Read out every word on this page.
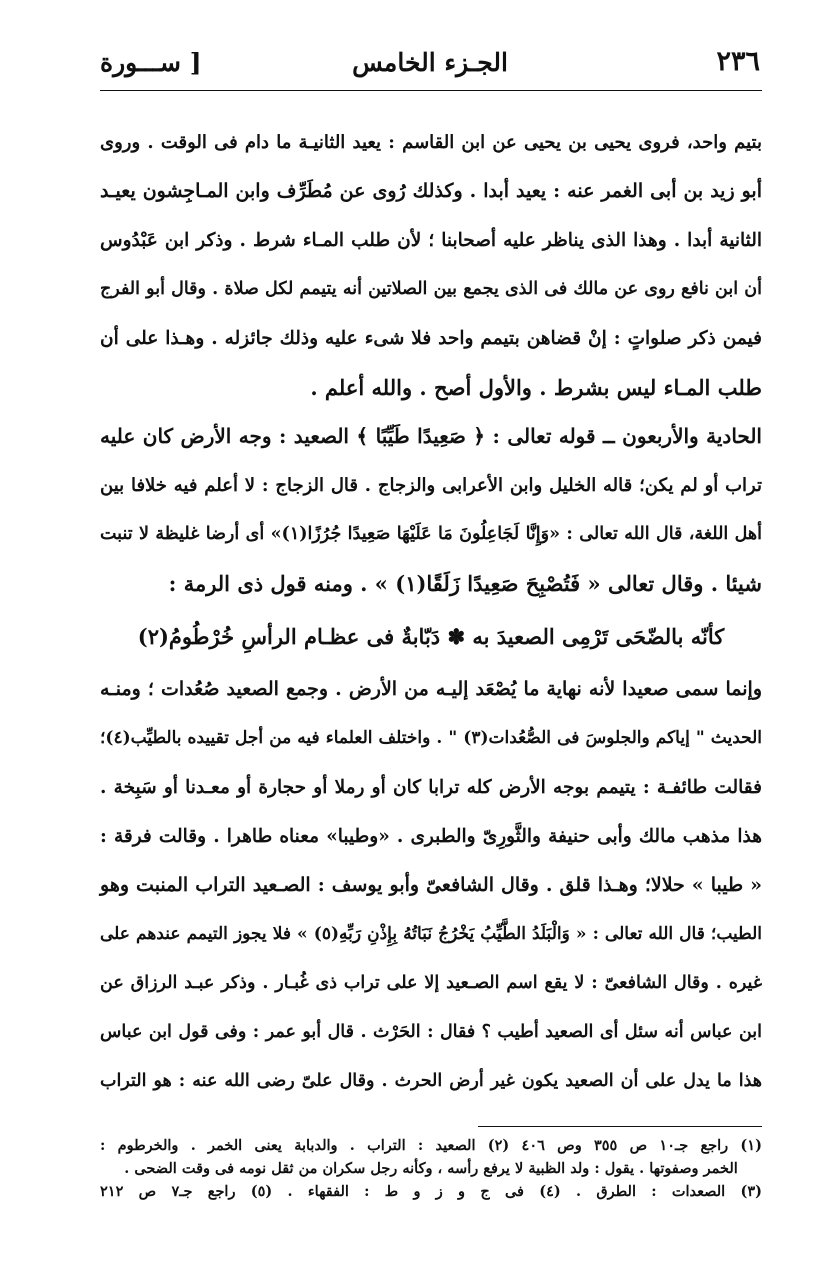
٢٣٦
الجـزء الخامس
[ ســـورة
بتيم واحد، فروى يحيى بن يحيى عن ابن القاسم : يعيد الثانيـة ما دام فى الوقت . وروى
أبو زيد بن أبى الغمر عنه : يعيد أبدا . وكذلك رُوى عن مُطَرِّف وابن المـاجِشون يعيـد
الثانية أبدا . وهذا الذى يناظر عليه أصحابنا ؛ لأن طلب المـاء شرط . وذكر ابن عَبْدُوس
أن ابن نافع روى عن مالك فى الذى يجمع بين الصلاتين أنه يتيمم لكل صلاة . وقال أبو الفرج
فيمن ذكر صلواتٍ : إنْ قضاهن بتيمم واحد فلا شىء عليه وذلك جائزله . وهـذا على أن
طلب المـاء ليس بشرط . والأول أصح . والله أعلم .
الحادية والأربعون ــ قوله تعالى : ﴿ صَعِيدًا طَيِّبًا ﴾ الصعيد : وجه الأرض كان عليه
تراب أو لم يكن؛ قاله الخليل وابن الأعرابى والزجاج . قال الزجاج : لا أعلم فيه خلافا بين
أهل اللغة، قال الله تعالى : «وَإِنَّا لَجَاعِلُونَ مَا عَلَيْهَا صَعِيدًا جُرُزًا(١)» أى أرضا غليظة لا تنبت
شيئا . وقال تعالى « فَتُصْبِحَ صَعِيدًا زَلَقًا(١) » . ومنه قول ذى الرمة :
كأنّه بالضّحَى تَرْمِى الصعيدَ به ✽ دَبّابةٌ فى عظـام الرأسِ خُرْطُومُ(٢)
وإنما سمى صعيدا لأنه نهاية ما يُصْعَد إليـه من الأرض . وجمع الصعيد صُعُدات ؛ ومنـه
الحديث " إياكم والجلوسَ فى الصُّعُدات(٣) " . واختلف العلماء فيه من أجل تقييده بالطيِّب(٤)؛
فقالت طائفـة : يتيمم بوجه الأرض كله ترابا كان أو رملا أو حجارة أو معـدنا أو سَبِخة .
هذا مذهب مالك وأبى حنيفة والثَّورِىّ والطبرى . «وطيبا» معناه طاهرا . وقالت فرقة :
« طيبا » حلالا؛ وهـذا قلق . وقال الشافعىّ وأبو يوسف : الصـعيد التراب المنبت وهو
الطيب؛ قال الله تعالى : « وَالْبَلَدُ الطَّيِّبُ يَخْرُجُ نَبَاتُهُ بِإِذْنِ رَبِّهِ(٥) » فلا يجوز التيمم عندهم على
غيره . وقال الشافعىّ : لا يقع اسم الصـعيد إلا على تراب ذى غُبـار . وذكر عبـد الرزاق عن
ابن عباس أنه سئل أى الصعيد أطيب ؟ فقال : الحَرْث . قال أبو عمر : وفى قول ابن عباس
هذا ما يدل على أن الصعيد يكون غير أرض الحرث . وقال علىّ رضى الله عنه : هو التراب
(١) راجع جـ١٠ ص ٣٥٥ وص ٤٠٦ (٢) الصعيد : التراب . والدبابة يعنى الخمر . والخرطوم :
الخمر وصفوتها . يقول : ولد الظبية لا يرفع رأسه ، وكأنه رجل سكران من ثقل نومه فى وقت الضحى .
(٣) الصعدات : الطرق . (٤) فى ج و ز و ط : الفقهاء . (٥) راجع جـ٧ ص ٢١٢
